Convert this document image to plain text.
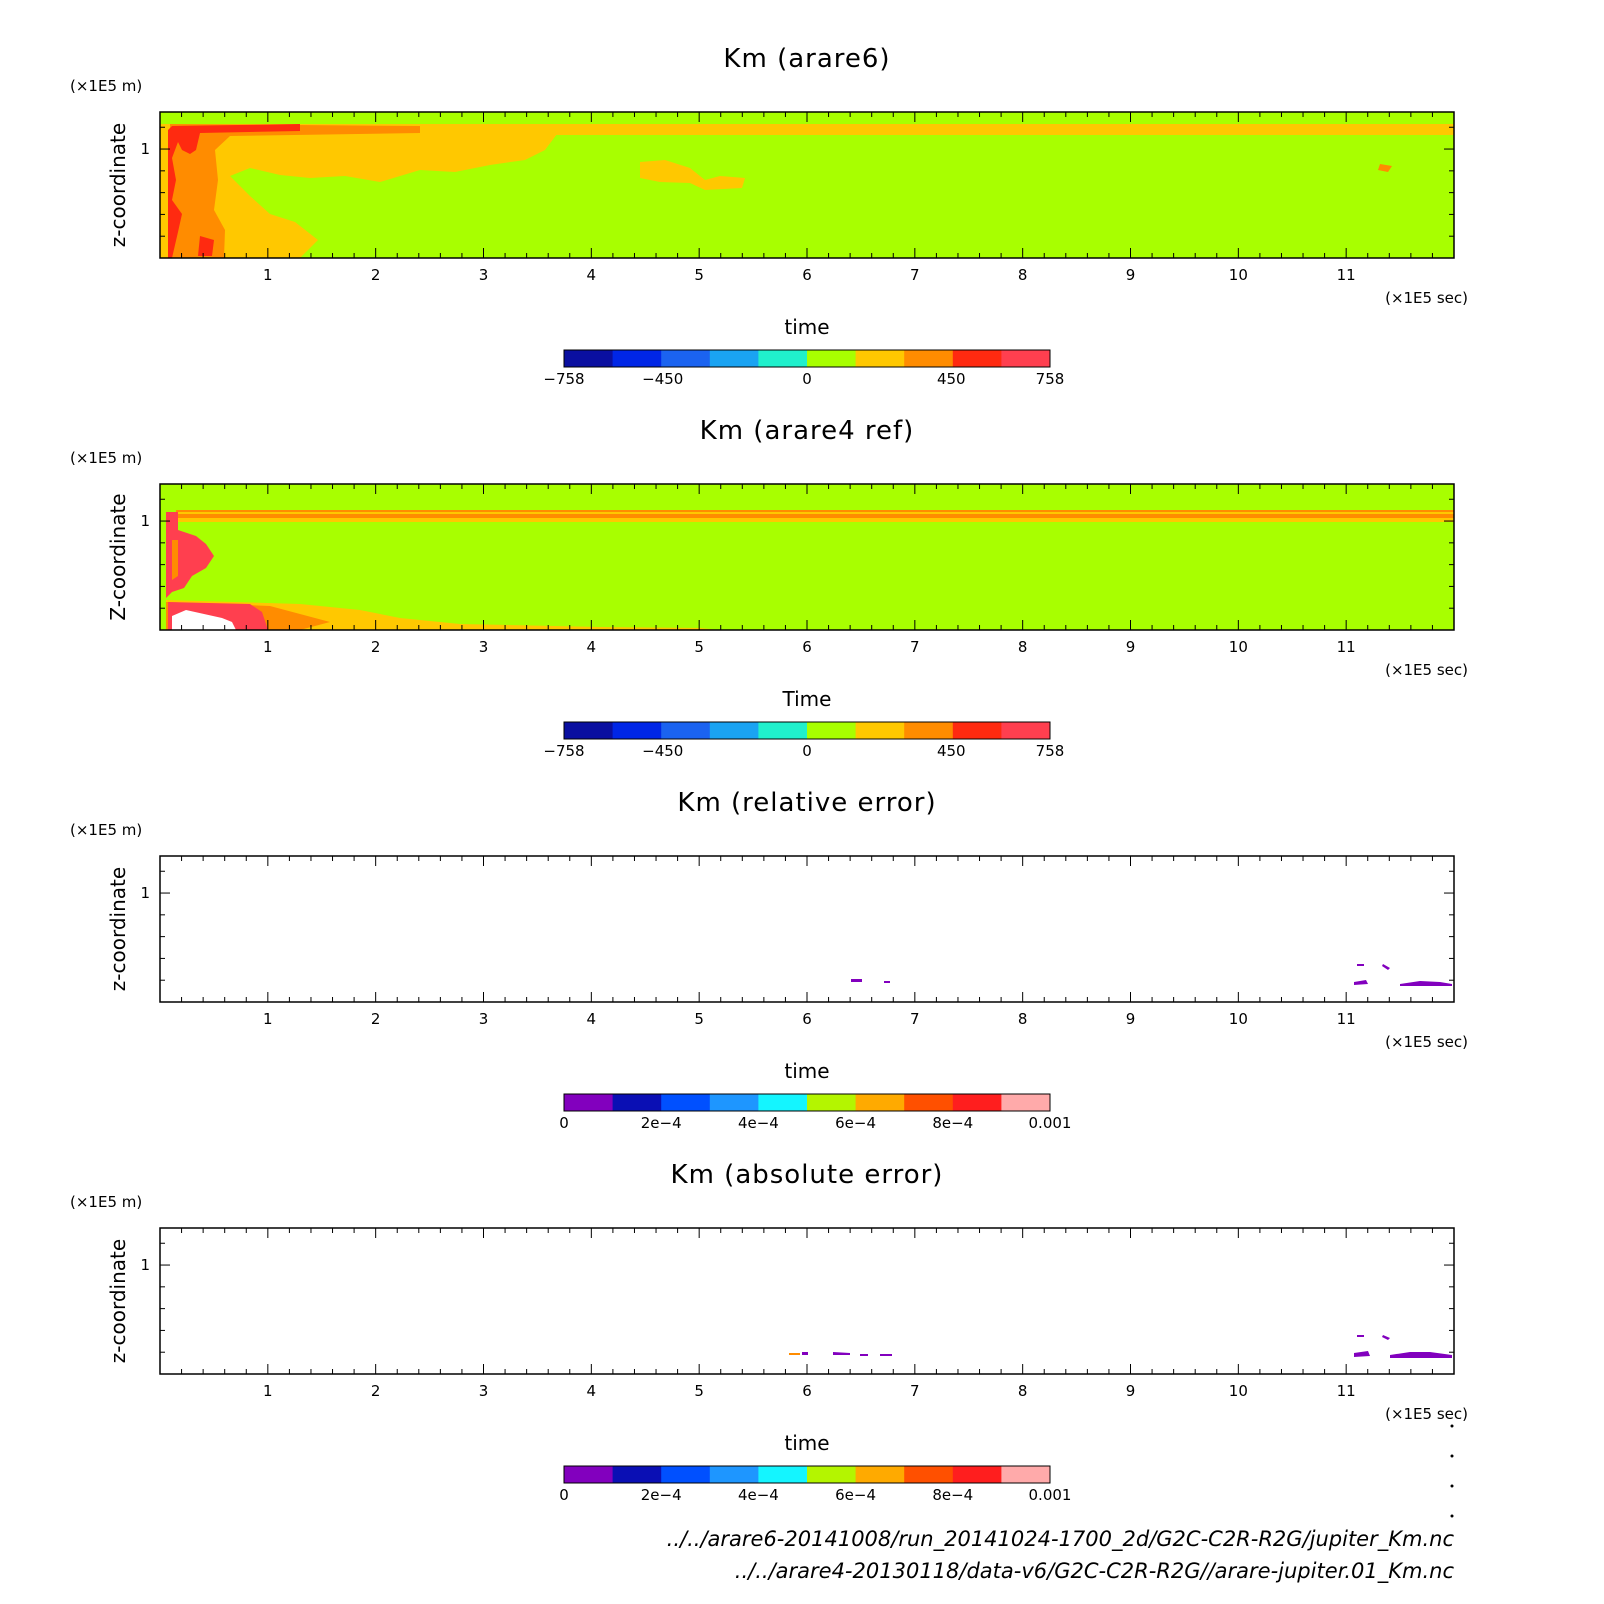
Km (arare6)
(×1E5 m)
z-coordinate
1	2	3	4	5	6	7	8	9	10	11
1
(×1E5 sec)
time
−758	−450	0	450	758
Km (arare4 ref)
(×1E5 m)
Z-coordinate
1	2	3	4	5	6	7	8	9	10	11
1
(×1E5 sec)
Time
−758	−450	0	450	758
Km (relative error)
(×1E5 m)
z-coordinate
1	2	3	4	5	6	7	8	9	10	11
1
(×1E5 sec)
time
0	2e−4	4e−4	6e−4	8e−4	0.001
Km (absolute error)
(×1E5 m)
z-coordinate
1	2	3	4	5	6	7	8	9	10	11
1
(×1E5 sec)
time
0	2e−4	4e−4	6e−4	8e−4	0.001
../../arare6-20141008/run_20141024-1700_2d/G2C-C2R-R2G/jupiter_Km.nc
../../arare4-20130118/data-v6/G2C-C2R-R2G//arare-jupiter.01_Km.nc
